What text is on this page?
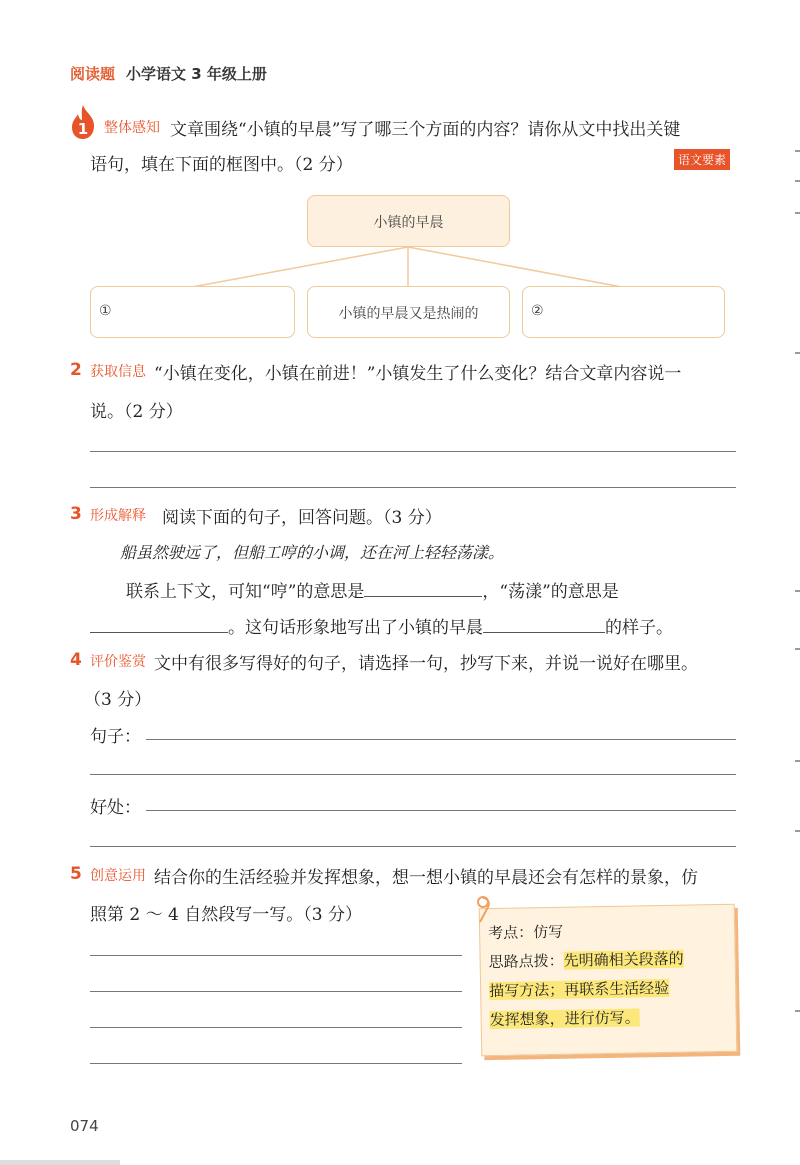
阅读题 小学语文 3 年级上册
1 整体感知 文章围绕“小镇的早晨”写了哪三个方面的内容？请你从文中找出关键
语句，填在下面的框图中。（2 分）	语文要素
小镇的早晨
①	小镇的早晨又是热闹的	②
2 获取信息 “小镇在变化，小镇在前进！”小镇发生了什么变化？结合文章内容说一
说。（2 分）
3 形成解释 阅读下面的句子，回答问题。（3 分）
船虽然驶远了，但船工哼的小调，还在河上轻轻荡漾。
联系上下文，可知“哼”的意思是	，“荡漾”的意思是
。这句话形象地写出了小镇的早晨	的样子。
4 评价鉴赏 文中有很多写得好的句子，请选择一句，抄写下来，并说一说好在哪里。
（3 分）
句子：
好处：
5 创意运用 结合你的生活经验并发挥想象，想一想小镇的早晨还会有怎样的景象，仿
照第 2 ～ 4 自然段写一写。（3 分）
考点：仿写
思路点拨：先明确相关段落的
描写方法；再联系生活经验
发挥想象，进行仿写。
074
